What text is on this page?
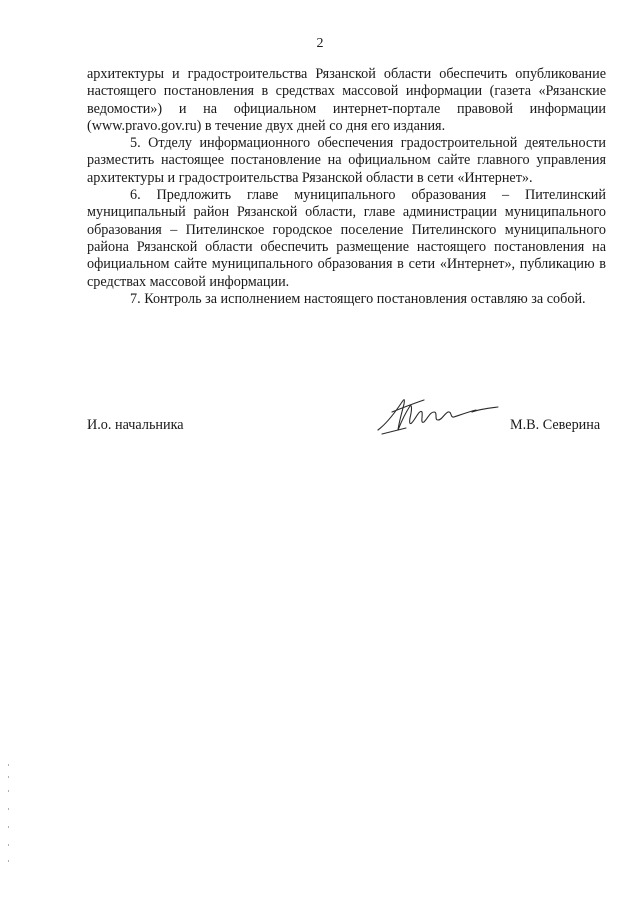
2

архитектуры и градостроительства Рязанской области обеспечить опубликование настоящего постановления в средствах массовой информации (газета «Рязанские ведомости») и на официальном интернет-портале правовой информации (www.pravo.gov.ru) в течение двух дней со дня его издания.

5. Отделу информационного обеспечения градостроительной деятельности разместить настоящее постановление на официальном сайте главного управления архитектуры и градостроительства Рязанской области в сети «Интернет».

6. Предложить главе муниципального образования – Пителинский муниципальный район Рязанской области, главе администрации муниципального образования – Пителинское городское поселение Пителинского муниципального района Рязанской области обеспечить размещение настоящего постановления на официальном сайте муниципального образования в сети «Интернет», публикацию в средствах массовой информации.

7. Контроль за исполнением настоящего постановления оставляю за собой.

И.о. начальника	М.В. Северина
